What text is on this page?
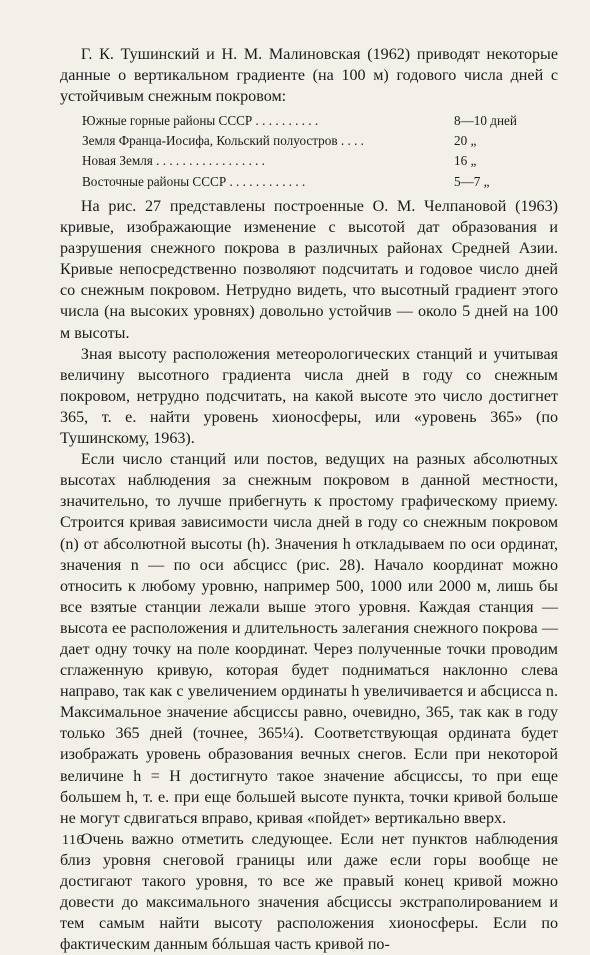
Г. К. Тушинский и Н. М. Малиновская (1962) приводят некоторые данные о вертикальном градиенте (на 100 м) годового числа дней с устойчивым снежным покровом:

Южные горные районы СССР . . . . . . . . . .	8—10 дней
Земля Франца-Иосифа, Кольский полуостров . . . .	20 „
Новая Земля . . . . . . . . . . . . . . . . .	16 „
Восточные районы СССР . . . . . . . . . . . .	5—7 „

На рис. 27 представлены построенные О. М. Челпановой (1963) кривые, изображающие изменение с высотой дат образования и разрушения снежного покрова в различных районах Средней Азии. Кривые непосредственно позволяют подсчитать и годовое число дней со снежным покровом. Нетрудно видеть, что высотный градиент этого числа (на высоких уровнях) довольно устойчив — около 5 дней на 100 м высоты.

Зная высоту расположения метеорологических станций и учитывая величину высотного градиента числа дней в году со снежным покровом, нетрудно подсчитать, на какой высоте это число достигнет 365, т. е. найти уровень хионосферы, или «уровень 365» (по Тушинскому, 1963).

Если число станций или постов, ведущих на разных абсолютных высотах наблюдения за снежным покровом в данной местности, значительно, то лучше прибегнуть к простому графическому приему. Строится кривая зависимости числа дней в году со снежным покровом (n) от абсолютной высоты (h). Значения h откладываем по оси ординат, значения n — по оси абсцисс (рис. 28). Начало координат можно относить к любому уровню, например 500, 1000 или 2000 м, лишь бы все взятые станции лежали выше этого уровня. Каждая станция — высота ее расположения и длительность залегания снежного покрова — дает одну точку на поле координат. Через полученные точки проводим сглаженную кривую, которая будет подниматься наклонно слева направо, так как с увеличением ординаты h увеличивается и абсцисса n. Максимальное значение абсциссы равно, очевидно, 365, так как в году только 365 дней (точнее, 365¼). Соответствующая ордината будет изображать уровень образования вечных снегов. Если при некоторой величине h = H достигнуто такое значение абсциссы, то при еще большем h, т. е. при еще большей высоте пункта, точки кривой больше не могут сдвигаться вправо, кривая «пойдет» вертикально вверх.

Очень важно отметить следующее. Если нет пунктов наблюдения близ уровня снеговой границы или даже если горы вообще не достигают такого уровня, то все же правый конец кривой можно довести до максимального значения абсциссы экстраполированием и тем самым найти высоту расположения хионосферы. Если по фактическим данным бóльшая часть кривой по-

116
